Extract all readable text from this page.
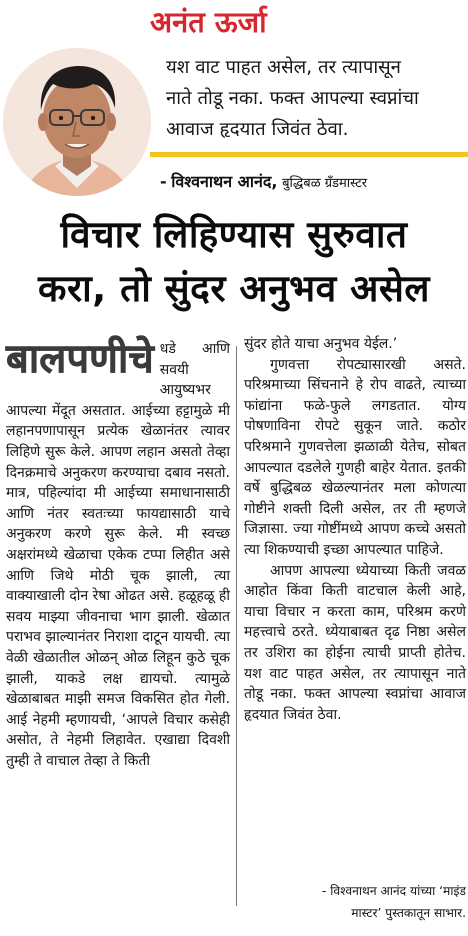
अनंत ऊर्जा
यश वाट पाहत असेल, तर त्यापासून
नाते तोडू नका. फक्त आपल्या स्वप्नांचा
आवाज हृदयात जिवंत ठेवा.
- विश्वनाथन आनंद, बुद्धिबळ ग्रँडमास्टर
विचार लिहिण्यास सुरुवात
करा, तो सुंदर अनुभव असेल
बालपणीचे धडे आणि सवयी आयुष्यभर आपल्या मेंदूत असतात. आईच्या हट्टामुळे मी लहानपणापासून प्रत्येक खेळानंतर त्यावर लिहिणे सुरू केले. आपण लहान असतो तेव्हा दिनक्रमाचे अनुकरण करण्याचा दबाव नसतो. मात्र, पहिल्यांदा मी आईच्या समाधानासाठी आणि नंतर स्वतःच्या फायद्यासाठी याचे अनुकरण करणे सुरू केले. मी स्वच्छ अक्षरांमध्ये खेळाचा एकेक टप्पा लिहीत असे आणि जिथे मोठी चूक झाली, त्या वाक्याखाली दोन रेषा ओढत असे. हळूहळू ही सवय माझ्या जीवनाचा भाग झाली. खेळात पराभव झाल्यानंतर निराशा दाटून यायची. त्या वेळी खेळातील ओळन् ओळ लिहून कुठे चूक झाली, याकडे लक्ष द्यायचो. त्यामुळे खेळाबाबत माझी समज विकसित होत गेली. आई नेहमी म्हणायची, ‘आपले विचार कसेही असोत, ते नेहमी लिहावेत. एखाद्या दिवशी तुम्ही ते वाचाल तेव्हा ते किती

सुंदर होते याचा अनुभव येईल.’

गुणवत्ता रोपट्यासारखी असते. परिश्रमाच्या सिंचनाने हे रोप वाढते, त्याच्या फांद्यांना फळे-फुले लगडतात. योग्य पोषणाविना रोपटे सुकून जाते. कठोर परिश्रमाने गुणवत्तेला झळाळी येतेच, सोबत आपल्यात दडलेले गुणही बाहेर येतात. इतकी वर्षे बुद्धिबळ खेळल्यानंतर मला कोणत्या गोष्टीने शक्ती दिली असेल, तर ती म्हणजे जिज्ञासा. ज्या गोष्टींमध्ये आपण कच्चे असतो त्या शिकण्याची इच्छा आपल्यात पाहिजे.

आपण आपल्या ध्येयाच्या किती जवळ आहोत किंवा किती वाटचाल केली आहे, याचा विचार न करता काम, परिश्रम करणे महत्त्वाचे ठरते. ध्येयाबाबत दृढ निष्ठा असेल तर उशिरा का होईना त्याची प्राप्ती होतेच. यश वाट पाहत असेल, तर त्यापासून नाते तोडू नका. फक्त आपल्या स्वप्नांचा आवाज हृदयात जिवंत ठेवा.

- विश्वनाथन आनंद यांच्या ‘माइंड
मास्टर’ पुस्तकातून साभार.
